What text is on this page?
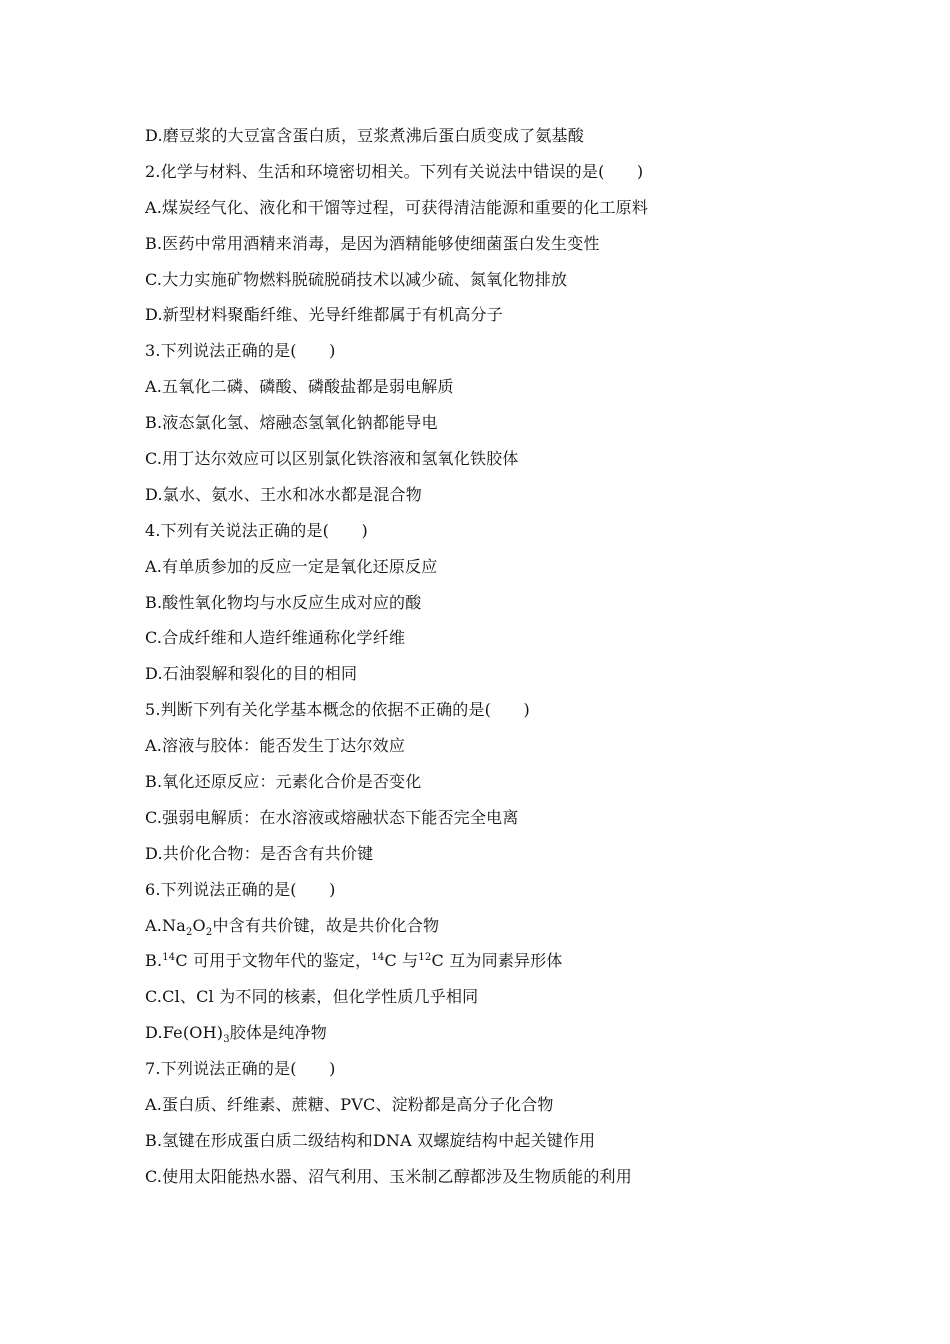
D.磨豆浆的大豆富含蛋白质，豆浆煮沸后蛋白质变成了氨基酸
2.化学与材料、生活和环境密切相关。下列有关说法中错误的是(　　)
A.煤炭经气化、液化和干馏等过程，可获得清洁能源和重要的化工原料
B.医药中常用酒精来消毒，是因为酒精能够使细菌蛋白发生变性
C.大力实施矿物燃料脱硫脱硝技术以减少硫、氮氧化物排放
D.新型材料聚酯纤维、光导纤维都属于有机高分子
3.下列说法正确的是(　　)
A.五氧化二磷、磷酸、磷酸盐都是弱电解质
B.液态氯化氢、熔融态氢氧化钠都能导电
C.用丁达尔效应可以区别氯化铁溶液和氢氧化铁胶体
D.氯水、氨水、王水和冰水都是混合物
4.下列有关说法正确的是(　　)
A.有单质参加的反应一定是氧化还原反应
B.酸性氧化物均与水反应生成对应的酸
C.合成纤维和人造纤维通称化学纤维
D.石油裂解和裂化的目的相同
5.判断下列有关化学基本概念的依据不正确的是(　　)
A.溶液与胶体：能否发生丁达尔效应
B.氧化还原反应：元素化合价是否变化
C.强弱电解质：在水溶液或熔融状态下能否完全电离
D.共价化合物：是否含有共价键
6.下列说法正确的是(　　)
$A.Na_2O_2$中含有共价键，故是共价化合物
B.$^{14}$C 可用于文物年代的鉴定，$^{14}$C 与$^{12}$C 互为同素异形体
C.Cl、Cl 为不同的核素，但化学性质几乎相同
$D.Fe(OH)_3$胶体是纯净物
7.下列说法正确的是(　　)
A.蛋白质、纤维素、蔗糖、PVC、淀粉都是高分子化合物
B.氢键在形成蛋白质二级结构和DNA 双螺旋结构中起关键作用
C.使用太阳能热水器、沼气利用、玉米制乙醇都涉及生物质能的利用
